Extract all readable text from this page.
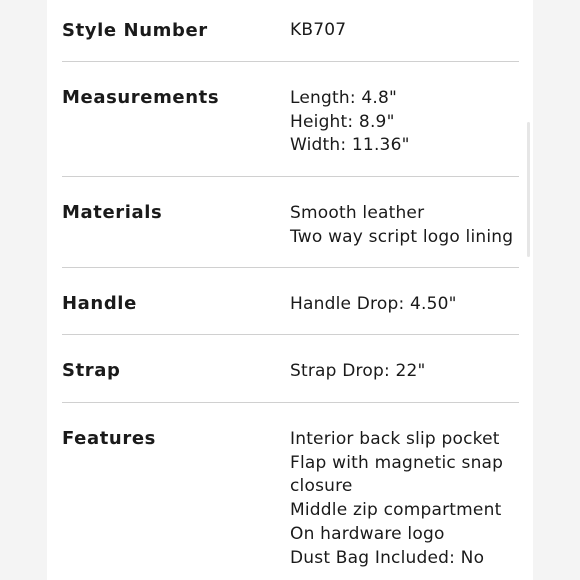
Style Number	KB707
Measurements	Length: 4.8"
Height: 8.9"
Width: 11.36"
Materials	Smooth leather
Two way script logo lining
Handle	Handle Drop: 4.50"
Strap	Strap Drop: 22"
Features	Interior back slip pocket
Flap with magnetic snap closure
Middle zip compartment
On hardware logo
Dust Bag Included: No
